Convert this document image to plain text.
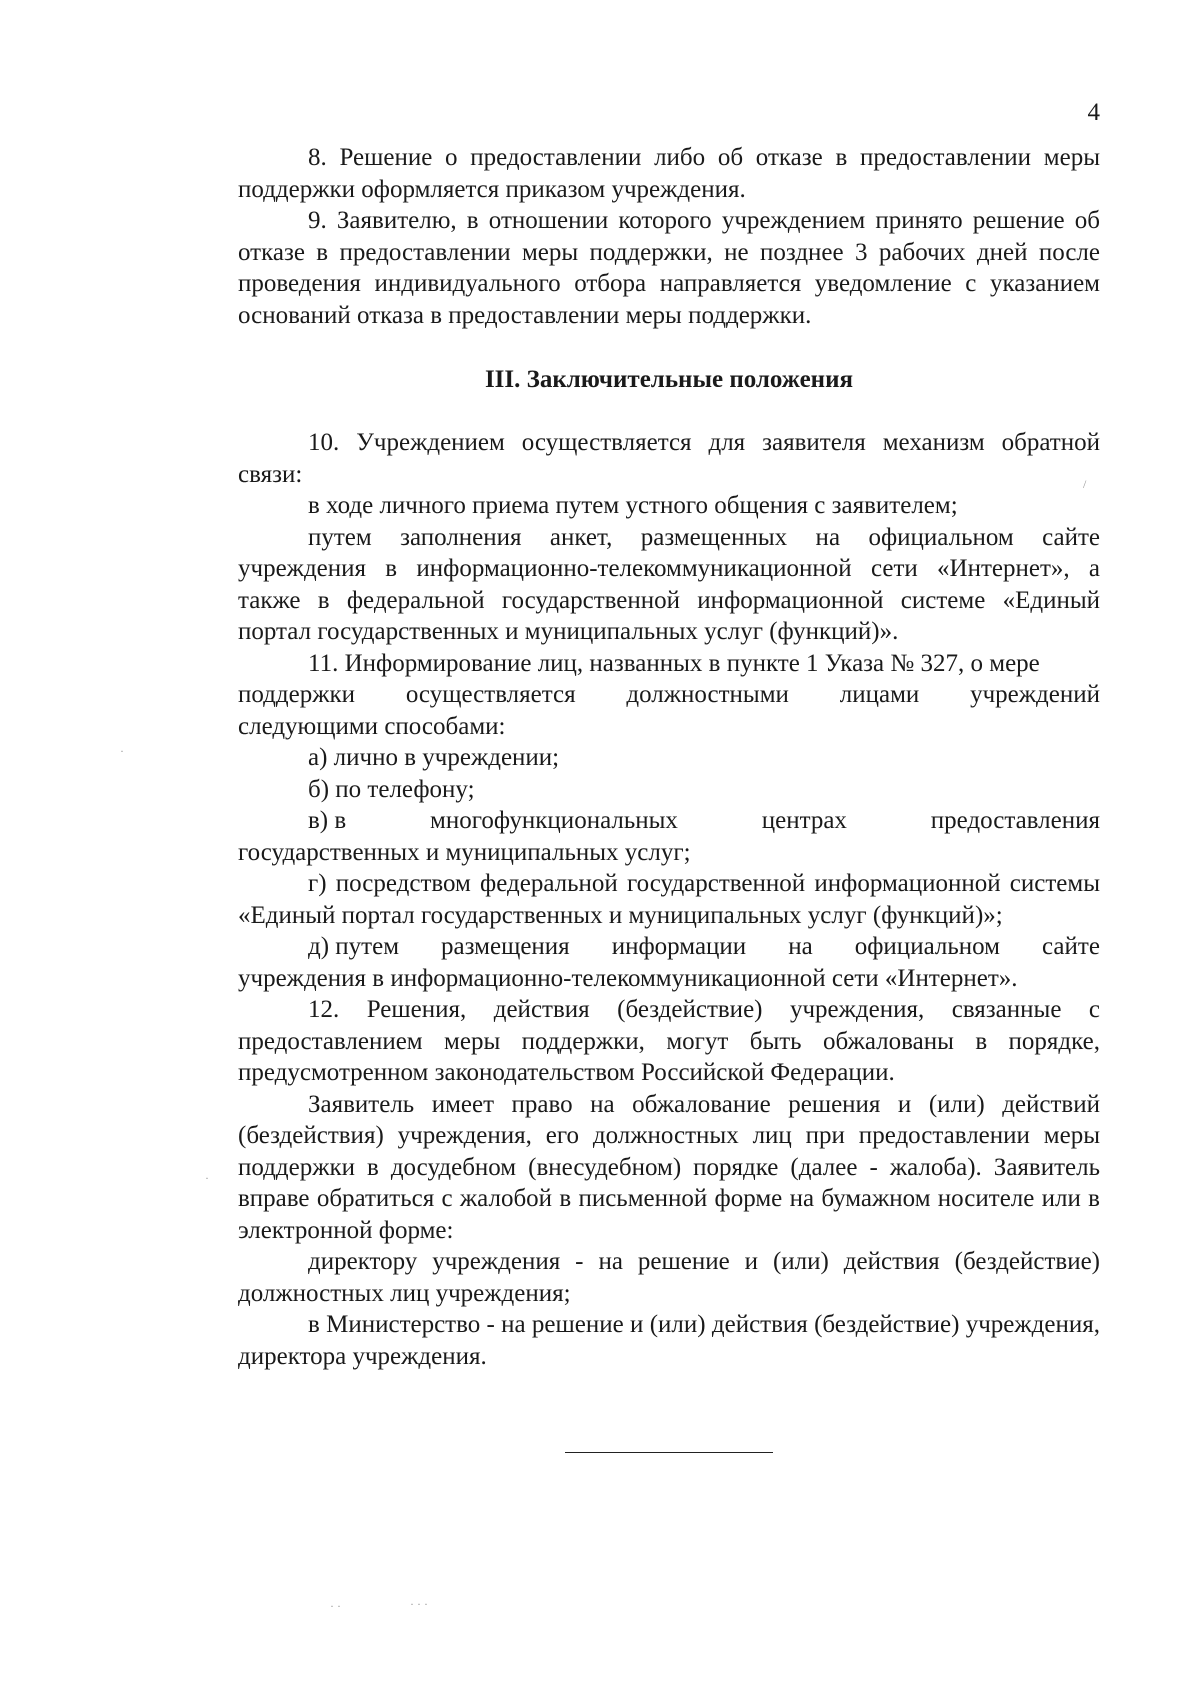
4

8. Решение о предоставлении либо об отказе в предоставлении меры поддержки оформляется приказом учреждения.

9. Заявителю, в отношении которого учреждением принято решение об отказе в предоставлении меры поддержки, не позднее 3 рабочих дней после проведения индивидуального отбора направляется уведомление с указанием оснований отказа в предоставлении меры поддержки.

III. Заключительные положения

10. Учреждением осуществляется для заявителя механизм обратной связи:

в ходе личного приема путем устного общения с заявителем;

путем заполнения анкет, размещенных на официальном сайте учреждения в информационно-телекоммуникационной сети «Интернет», а также в федеральной государственной информационной системе «Единый портал государственных и муниципальных услуг (функций)».

11. Информирование лиц, названных в пункте 1 Указа № 327, о мере
поддержки осуществляется должностными лицами учреждений
следующими способами:

а) лично в учреждении;

б) по телефону;

в) в	многофункциональных	центрах	предоставления

государственных и муниципальных услуг;

г) посредством федеральной государственной информационной системы «Единый портал государственных и муниципальных услуг (функций)»;

д) путем размещения информации на официальном сайте

учреждения в информационно-телекоммуникационной сети «Интернет».

12. Решения, действия (бездействие) учреждения, связанные с предоставлением меры поддержки, могут быть обжалованы в порядке, предусмотренном законодательством Российской Федерации.

Заявитель имеет право на обжалование решения и (или) действий (бездействия) учреждения, его должностных лиц при предоставлении меры поддержки в досудебном (внесудебном) порядке (далее - жалоба). Заявитель вправе обратиться с жалобой в письменной форме на бумажном носителе или в электронной форме:

директору учреждения - на решение и (или) действия (бездействие) должностных лиц учреждения;

в Министерство - на решение и (или) действия (бездействие) учреждения, директора учреждения.

/
·
·
· ·	· · ·
